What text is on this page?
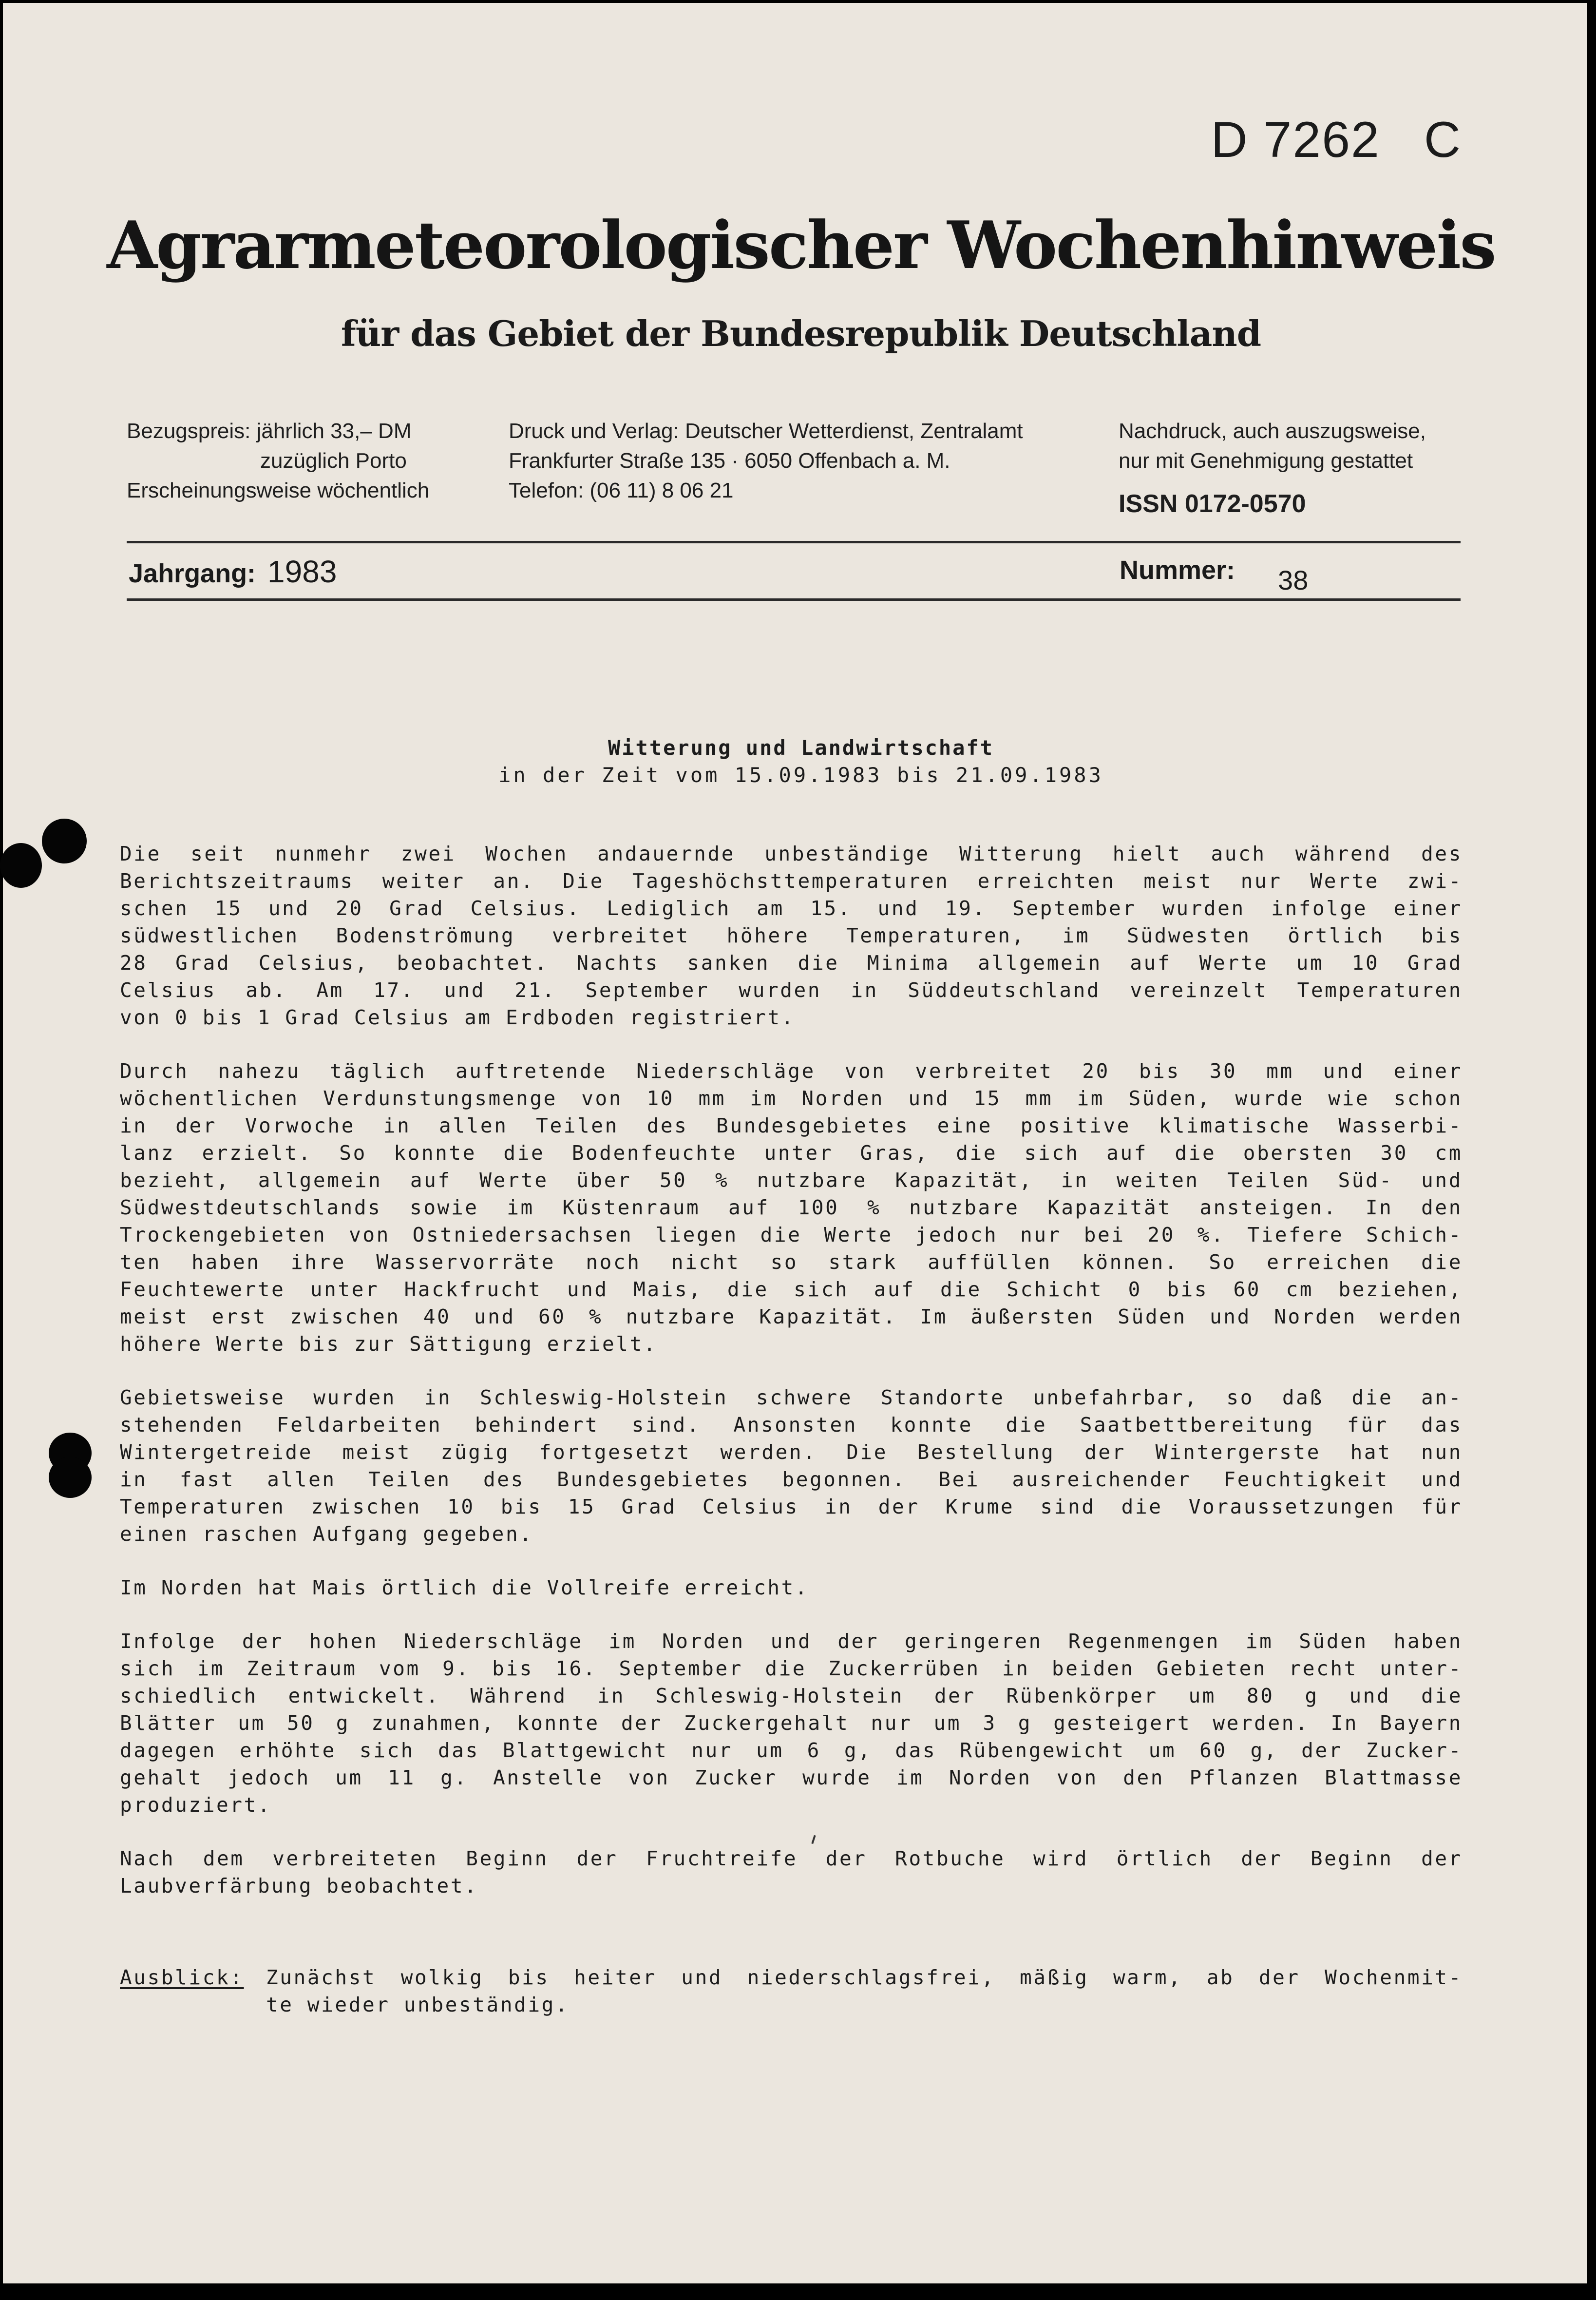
D 7262 C
Agrarmeteorologischer Wochenhinweis
für das Gebiet der Bundesrepublik Deutschland
Bezugspreis: jährlich 33,– DM
zuzüglich Porto
Erscheinungsweise wöchentlich
Druck und Verlag: Deutscher Wetterdienst, Zentralamt
Frankfurter Straße 135 · 6050 Offenbach a. M.
Telefon: (06 11) 8 06 21
Nachdruck, auch auszugsweise,
nur mit Genehmigung gestattet
ISSN 0172-0570
Jahrgang: 1983	Nummer: 38
Witterung und Landwirtschaft
in der Zeit vom 15.09.1983 bis 21.09.1983

Die seit nunmehr zwei Wochen andauernde unbeständige Witterung hielt auch während des
Berichtszeitraums weiter an. Die Tageshöchsttemperaturen erreichten meist nur Werte zwi-
schen 15 und 20 Grad Celsius. Lediglich am 15. und 19. September wurden infolge einer
südwestlichen Bodenströmung verbreitet höhere Temperaturen, im Südwesten örtlich bis
28 Grad Celsius, beobachtet. Nachts sanken die Minima allgemein auf Werte um 10 Grad
Celsius ab. Am 17. und 21. September wurden in Süddeutschland vereinzelt Temperaturen
von 0 bis 1 Grad Celsius am Erdboden registriert.

Durch nahezu täglich auftretende Niederschläge von verbreitet 20 bis 30 mm und einer
wöchentlichen Verdunstungsmenge von 10 mm im Norden und 15 mm im Süden, wurde wie schon
in der Vorwoche in allen Teilen des Bundesgebietes eine positive klimatische Wasserbi-
lanz erzielt. So konnte die Bodenfeuchte unter Gras, die sich auf die obersten 30 cm
bezieht, allgemein auf Werte über 50 % nutzbare Kapazität, in weiten Teilen Süd- und
Südwestdeutschlands sowie im Küstenraum auf 100 % nutzbare Kapazität ansteigen. In den
Trockengebieten von Ostniedersachsen liegen die Werte jedoch nur bei 20 %. Tiefere Schich-
ten haben ihre Wasservorräte noch nicht so stark auffüllen können. So erreichen die
Feuchtewerte unter Hackfrucht und Mais, die sich auf die Schicht 0 bis 60 cm beziehen,
meist erst zwischen 40 und 60 % nutzbare Kapazität. Im äußersten Süden und Norden werden
höhere Werte bis zur Sättigung erzielt.

Gebietsweise wurden in Schleswig-Holstein schwere Standorte unbefahrbar, so daß die an-
stehenden Feldarbeiten behindert sind. Ansonsten konnte die Saatbettbereitung für das
Wintergetreide meist zügig fortgesetzt werden. Die Bestellung der Wintergerste hat nun
in fast allen Teilen des Bundesgebietes begonnen. Bei ausreichender Feuchtigkeit und
Temperaturen zwischen 10 bis 15 Grad Celsius in der Krume sind die Voraussetzungen für
einen raschen Aufgang gegeben.

Im Norden hat Mais örtlich die Vollreife erreicht.

Infolge der hohen Niederschläge im Norden und der geringeren Regenmengen im Süden haben
sich im Zeitraum vom 9. bis 16. September die Zuckerrüben in beiden Gebieten recht unter-
schiedlich entwickelt. Während in Schleswig-Holstein der Rübenkörper um 80 g und die
Blätter um 50 g zunahmen, konnte der Zuckergehalt nur um 3 g gesteigert werden. In Bayern
dagegen erhöhte sich das Blattgewicht nur um 6 g, das Rübengewicht um 60 g, der Zucker-
gehalt jedoch um 11 g. Anstelle von Zucker wurde im Norden von den Pflanzen Blattmasse
produziert.

Nach dem verbreiteten Beginn der Fruchtreife der Rotbuche wird örtlich der Beginn der
Laubverfärbung beobachtet.

Ausblick: Zunächst wolkig bis heiter und niederschlagsfrei, mäßig warm, ab der Wochenmit-
te wieder unbeständig.
